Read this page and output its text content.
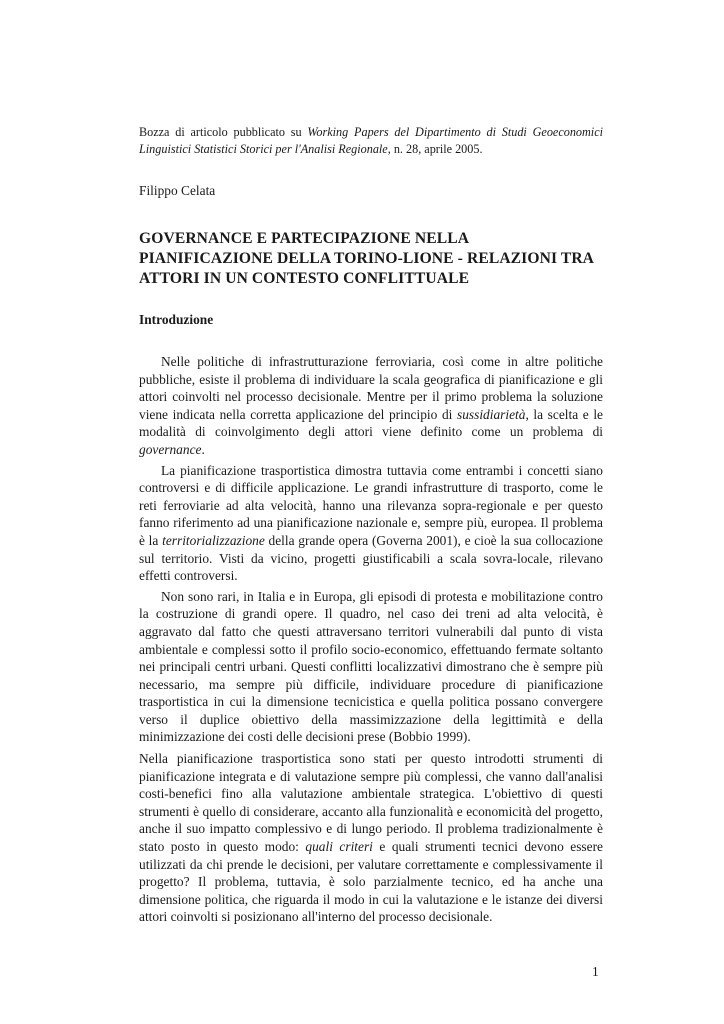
Bozza di articolo pubblicato su Working Papers del Dipartimento di Studi Geoeconomici Linguistici Statistici Storici per l'Analisi Regionale, n. 28, aprile 2005.

Filippo Celata

GOVERNANCE E PARTECIPAZIONE NELLA PIANIFICAZIONE DELLA TORINO-LIONE - RELAZIONI TRA ATTORI IN UN CONTESTO CONFLITTUALE
Introduzione

Nelle politiche di infrastrutturazione ferroviaria, così come in altre politiche pubbliche, esiste il problema di individuare la scala geografica di pianificazione e gli attori coinvolti nel processo decisionale. Mentre per il primo problema la soluzione viene indicata nella corretta applicazione del principio di sussidiarietà, la scelta e le modalità di coinvolgimento degli attori viene definito come un problema di governance.

La pianificazione trasportistica dimostra tuttavia come entrambi i concetti siano controversi e di difficile applicazione. Le grandi infrastrutture di trasporto, come le reti ferroviarie ad alta velocità, hanno una rilevanza sopra-regionale e per questo fanno riferimento ad una pianificazione nazionale e, sempre più, europea. Il problema è la territorializzazione della grande opera (Governa 2001), e cioè la sua collocazione sul territorio. Visti da vicino, progetti giustificabili a scala sovra-locale, rilevano effetti controversi.

Non sono rari, in Italia e in Europa, gli episodi di protesta e mobilitazione contro la costruzione di grandi opere. Il quadro, nel caso dei treni ad alta velocità, è aggravato dal fatto che questi attraversano territori vulnerabili dal punto di vista ambientale e complessi sotto il profilo socio-economico, effettuando fermate soltanto nei principali centri urbani. Questi conflitti localizzativi dimostrano che è sempre più necessario, ma sempre più difficile, individuare procedure di pianificazione trasportistica in cui la dimensione tecnicistica e quella politica possano convergere verso il duplice obiettivo della massimizzazione della legittimità e della minimizzazione dei costi delle decisioni prese (Bobbio 1999).

Nella pianificazione trasportistica sono stati per questo introdotti strumenti di pianificazione integrata e di valutazione sempre più complessi, che vanno dall'analisi costi-benefici fino alla valutazione ambientale strategica. L'obiettivo di questi strumenti è quello di considerare, accanto alla funzionalità e economicità del progetto, anche il suo impatto complessivo e di lungo periodo. Il problema tradizionalmente è stato posto in questo modo: quali criteri e quali strumenti tecnici devono essere utilizzati da chi prende le decisioni, per valutare correttamente e complessivamente il progetto? Il problema, tuttavia, è solo parzialmente tecnico, ed ha anche una dimensione politica, che riguarda il modo in cui la valutazione e le istanze dei diversi attori coinvolti si posizionano all'interno del processo decisionale.

1
